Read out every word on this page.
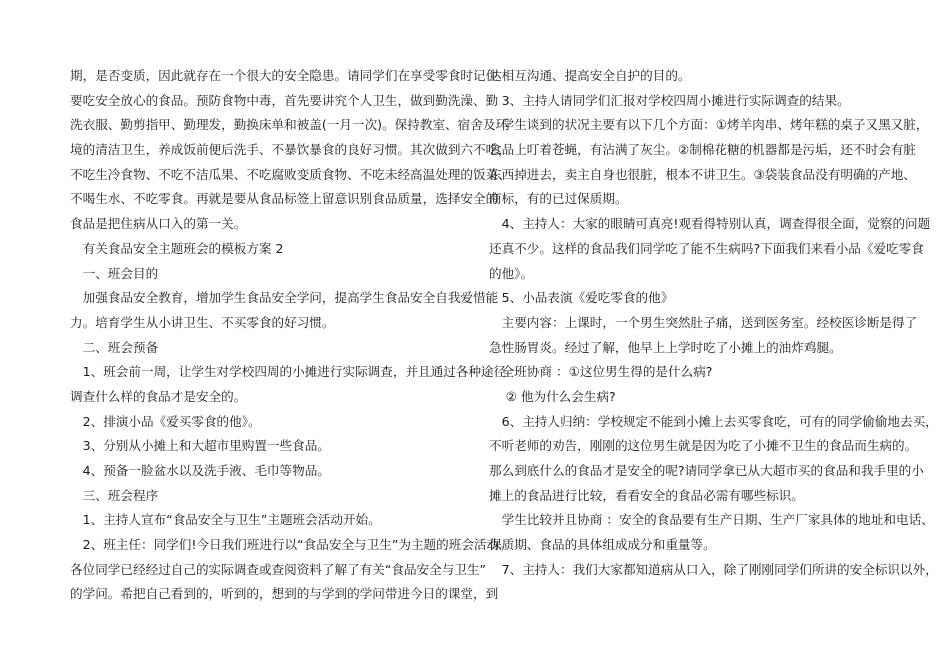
期，是否变质，因此就存在一个很大的安全隐患。请同学们在享受零食时记住
要吃安全放心的食品。预防食物中毒，首先要讲究个人卫生，做到勤洗澡、勤
洗衣服、勤剪指甲、勤理发，勤换床单和被盖(一月一次)。保持教室、宿舍及环
境的清洁卫生，养成饭前便后洗手、不暴饮暴食的良好习惯。其次做到六不吃，
不吃生冷食物、不吃不洁瓜果、不吃腐败变质食物、不吃未经高温处理的饭菜、
不喝生水、不吃零食。再就是要从食品标签上留意识别食品质量，选择安全的
食品是把住病从口入的第一关。
　有关食品安全主题班会的模板方案 2
　一、班会目的
　加强食品安全教育，增加学生食品安全学问，提高学生食品安全自我爱惜能
力。培育学生从小讲卫生、不买零食的好习惯。
　二、班会预备
　1、班会前一周，让学生对学校四周的小摊进行实际调查，并且通过各种途径
调查什么样的食品才是安全的。
　2、排演小品《爱买零食的他》。
　3、分别从小摊上和大超市里购置一些食品。
　4、预备一脸盆水以及洗手液、毛巾等物品。
　三、班会程序
　1、主持人宣布“食品安全与卫生”主题班会活动开始。
　2、班主任：同学们!今日我们班进行以“食品安全与卫生”为主题的班会活动。
各位同学已经经过自己的实际调查或查阅资料了解了有关“食品安全与卫生”
的学问。希把自己看到的，听到的，想到的与学到的学问带进今日的课堂，到
达相互沟通、提高安全自护的目的。
　3、主持人请同学们汇报对学校四周小摊进行实际调查的结果。
　学生谈到的状况主要有以下几个方面：①烤羊肉串、烤年糕的桌子又黑又脏，
食品上叮着苍蝇，有沾满了灰尘。②制棉花糖的机器都是污垢，还不时会有脏
东西掉进去，卖主自身也很脏，根本不讲卫生。③袋装食品没有明确的产地、
商标，有的已过保质期。
　4、主持人：大家的眼睛可真亮!观看得特别认真，调查得很全面，觉察的问题
还真不少。这样的食品我们同学吃了能不生病吗?下面我们来看小品《爱吃零食
的他》。
　5、小品表演《爱吃零食的他》
　主要内容：上课时，一个男生突然肚子痛，送到医务室。经校医诊断是得了
急性肠胃炎。经过了解，他早上上学时吃了小摊上的油炸鸡腿。
　全班协商 ：①这位男生得的是什么病?
　 ② 他为什么会生病?
　6、主持人归纳：学校规定不能到小摊上去买零食吃，可有的同学偷偷地去买，
不听老师的劝告，刚刚的这位男生就是因为吃了小摊不卫生的食品而生病的。
那么到底什么的食品才是安全的呢?请同学拿已从大超市买的食品和我手里的小
摊上的食品进行比较，看看安全的食品必需有哪些标识。
　学生比较并且协商 ：安全的食品要有生产日期、生产厂家具体的地址和电话、
保质期、食品的具体组成成分和重量等。
　7、主持人：我们大家都知道病从口入，除了刚刚同学们所讲的安全标识以外，
